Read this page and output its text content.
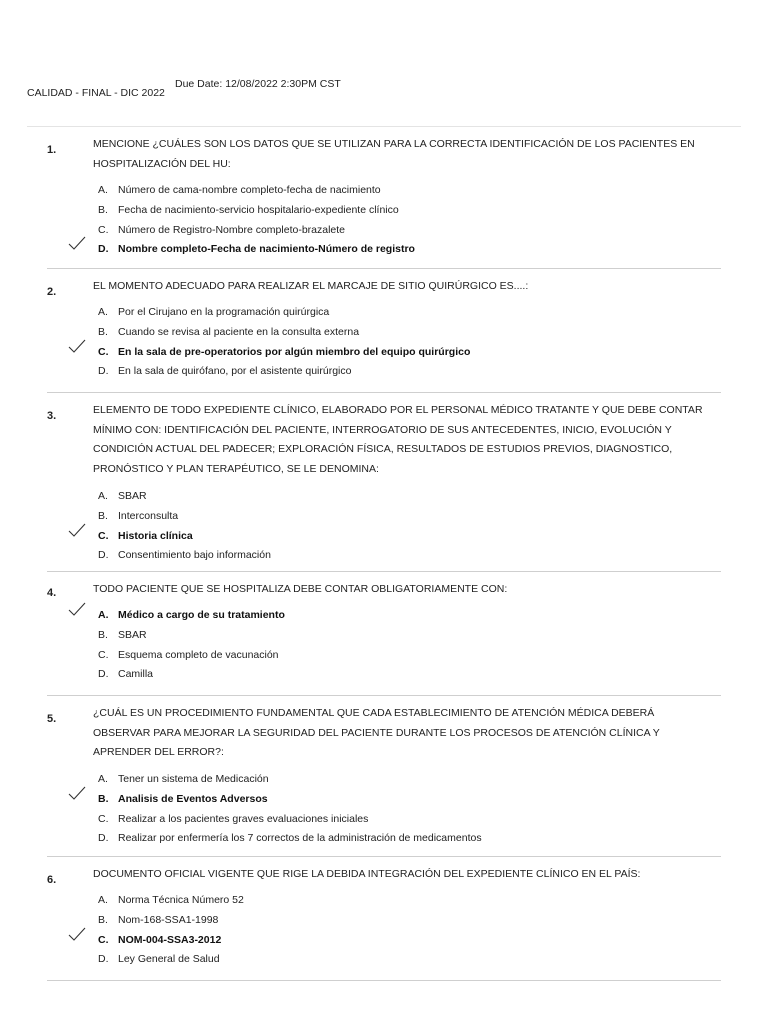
CALIDAD - FINAL - DIC 2022
Due Date: 12/08/2022 2:30PM CST
1.	MENCIONE ¿CUÁLES SON LOS DATOS QUE SE UTILIZAN PARA LA CORRECTA IDENTIFICACIÓN DE LOS PACIENTES EN HOSPITALIZACIÓN DEL HU:
A. Número de cama-nombre completo-fecha de nacimiento
B. Fecha de nacimiento-servicio hospitalario-expediente clínico
C. Número de Registro-Nombre completo-brazalete
D. Nombre completo-Fecha de nacimiento-Número de registro
2.	EL MOMENTO ADECUADO PARA REALIZAR EL MARCAJE DE SITIO QUIRÚRGICO ES....:
A. Por el Cirujano en la programación quirúrgica
B. Cuando se revisa al paciente en la consulta externa
C. En la sala de pre-operatorios por algún miembro del equipo quirúrgico
D. En la sala de quirófano, por el asistente quirúrgico
3.	ELEMENTO DE TODO EXPEDIENTE CLÍNICO, ELABORADO POR EL PERSONAL MÉDICO TRATANTE Y QUE DEBE CONTAR MÍNIMO CON: IDENTIFICACIÓN DEL PACIENTE, INTERROGATORIO DE SUS ANTECEDENTES, INICIO, EVOLUCIÓN Y CONDICIÓN ACTUAL DEL PADECER; EXPLORACIÓN FÍSICA, RESULTADOS DE ESTUDIOS PREVIOS, DIAGNOSTICO, PRONÓSTICO Y PLAN TERAPÉUTICO, SE LE DENOMINA:
A. SBAR
B. Interconsulta
C. Historia clínica
D. Consentimiento bajo información
4.	TODO PACIENTE QUE SE HOSPITALIZA DEBE CONTAR OBLIGATORIAMENTE CON:
A. Médico a cargo de su tratamiento
B. SBAR
C. Esquema completo de vacunación
D. Camilla
5.	¿CUÁL ES UN PROCEDIMIENTO FUNDAMENTAL QUE CADA ESTABLECIMIENTO DE ATENCIÓN MÉDICA DEBERÁ OBSERVAR PARA MEJORAR LA SEGURIDAD DEL PACIENTE DURANTE LOS PROCESOS DE ATENCIÓN CLÍNICA Y APRENDER DEL ERROR?:
A. Tener un sistema de Medicación
B. Analisis de Eventos Adversos
C. Realizar a los pacientes graves evaluaciones iniciales
D. Realizar por enfermería los 7 correctos de la administración de medicamentos
6.	DOCUMENTO OFICIAL VIGENTE QUE RIGE LA DEBIDA INTEGRACIÓN DEL EXPEDIENTE CLÍNICO EN EL PAÍS:
A. Norma Técnica Número 52
B. Nom-168-SSA1-1998
C. NOM-004-SSA3-2012
D. Ley General de Salud
